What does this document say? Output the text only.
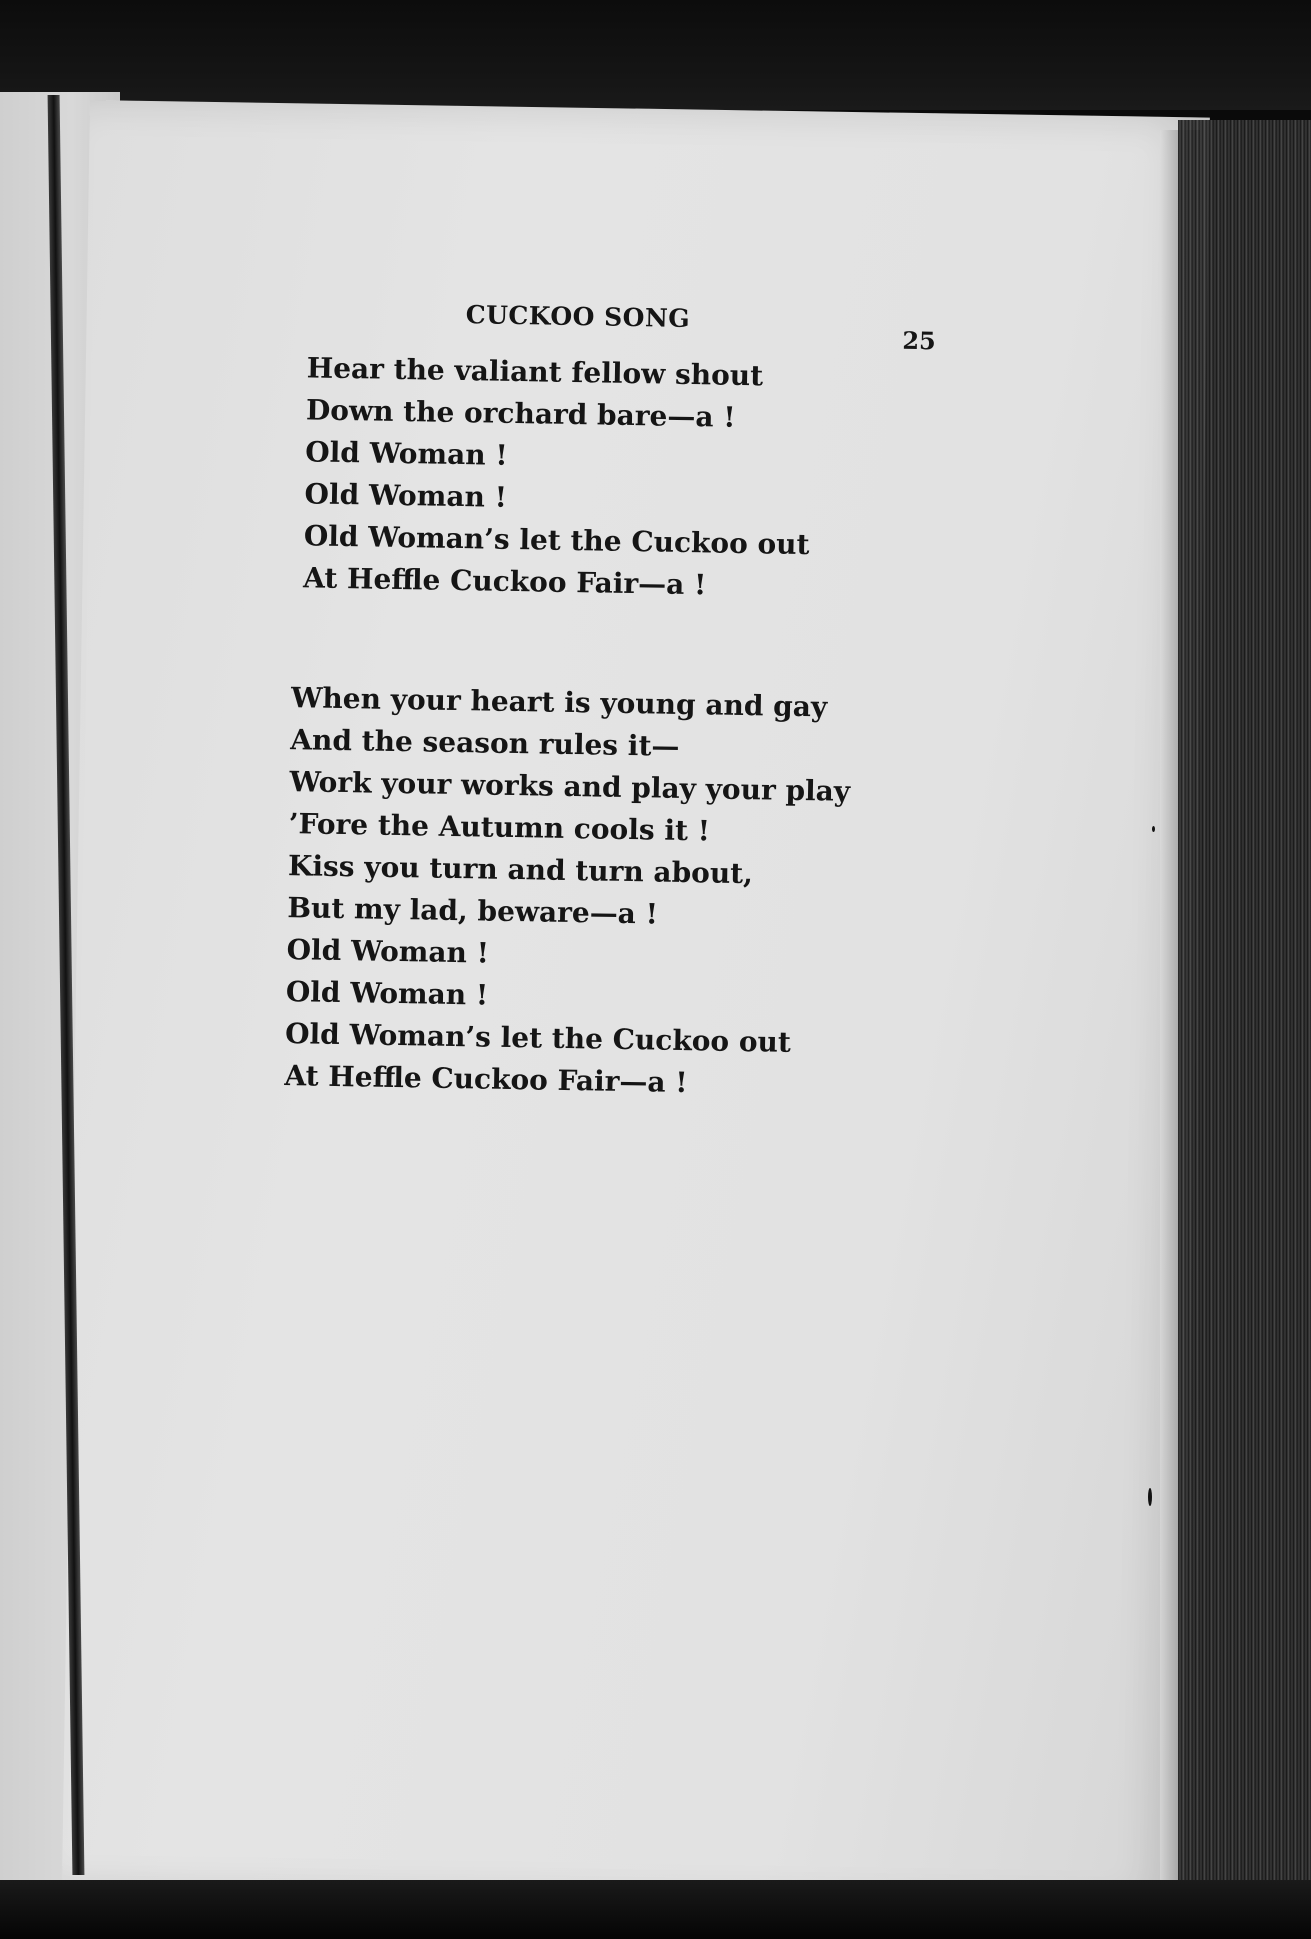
CUCKOO SONG
25
Hear the valiant fellow shout
Down the orchard bare—a !
Old Woman !
Old Woman !
Old Woman’s let the Cuckoo out
At Heffle Cuckoo Fair—a !
When your heart is young and gay
And the season rules it—
Work your works and play your play
’Fore the Autumn cools it !
Kiss you turn and turn about,
But my lad, beware—a !
Old Woman !
Old Woman !
Old Woman’s let the Cuckoo out
At Heffle Cuckoo Fair—a !
